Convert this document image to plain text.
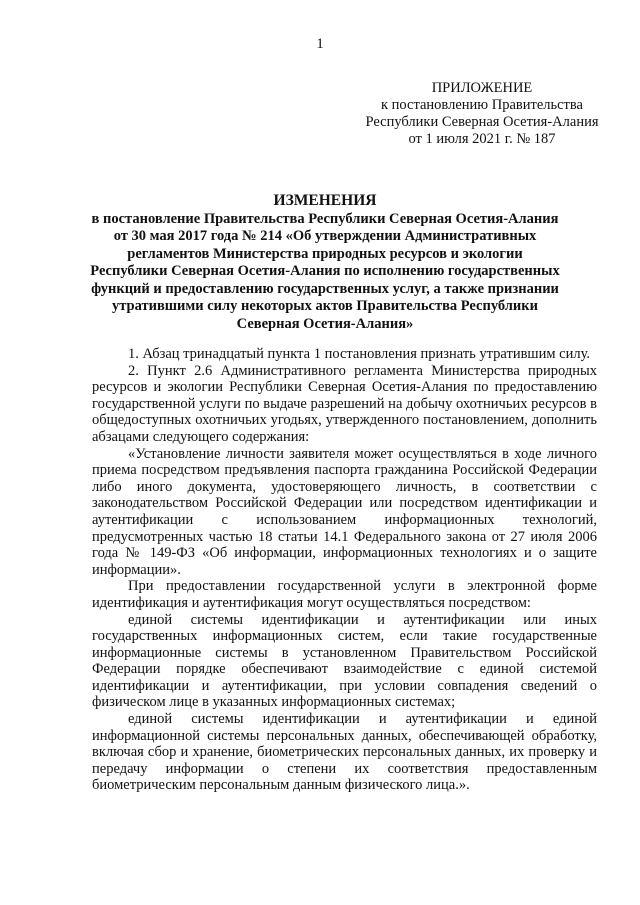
1
ПРИЛОЖЕНИЕ
к постановлению Правительства
Республики Северная Осетия-Алания
от 1 июля 2021 г. № 187
ИЗМЕНЕНИЯ
в постановление Правительства Республики Северная Осетия-Алания от 30 мая 2017 года № 214 «Об утверждении Административных регламентов Министерства природных ресурсов и экологии Республики Северная Осетия-Алания по исполнению государственных функций и предоставлению государственных услуг, а также признании утратившими силу некоторых актов Правительства Республики Северная Осетия-Алания»

1. Абзац тринадцатый пункта 1 постановления признать утратившим силу.

2. Пункт 2.6 Административного регламента Министерства природных ресурсов и экологии Республики Северная Осетия-Алания по предоставлению государственной услуги по выдаче разрешений на добычу охотничьих ресурсов в общедоступных охотничьих угодьях, утвержденного постановлением, дополнить абзацами следующего содержания:

«Установление личности заявителя может осуществляться в ходе личного приема посредством предъявления паспорта гражданина Российской Федерации либо иного документа, удостоверяющего личность, в соответствии с законодательством Российской Федерации или посредством идентификации и аутентификации с использованием информационных технологий, предусмотренных частью 18 статьи 14.1 Федерального закона от 27 июля 2006 года № 149-ФЗ «Об информации, информационных технологиях и о защите информации».

При предоставлении государственной услуги в электронной форме идентификация и аутентификация могут осуществляться посредством:

единой системы идентификации и аутентификации или иных государственных информационных систем, если такие государственные информационные системы в установленном Правительством Российской Федерации порядке обеспечивают взаимодействие с единой системой идентификации и аутентификации, при условии совпадения сведений о физическом лице в указанных информационных системах;

единой системы идентификации и аутентификации и единой информационной системы персональных данных, обеспечивающей обработку, включая сбор и хранение, биометрических персональных данных, их проверку и передачу информации о степени их соответствия предоставленным биометрическим персональным данным физического лица.».
